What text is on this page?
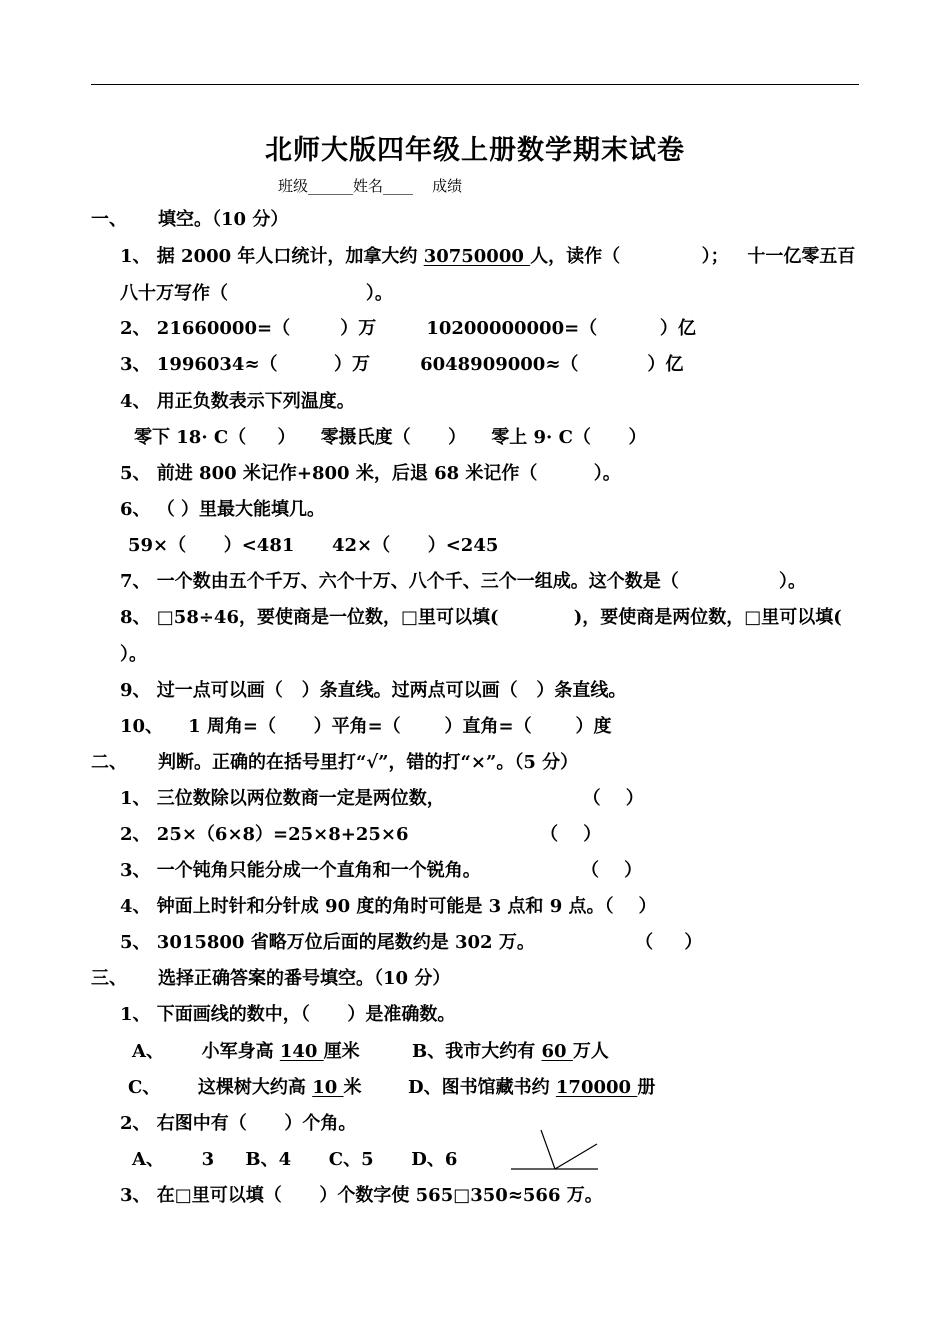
北师大版四年级上册数学期末试卷
班级______姓名____    成绩
一、 填空。（10 分）
1、 据 2000 年人口统计，加拿大约 30750000 人，读作（             ）；   十一亿零五百
八十万写作（                      ）。
2、 21660000=（        ）万        10200000000=（          ）亿
3、 1996034≈（         ）万        6048909000≈（           ）亿
4、 用正负数表示下列温度。
零下 18· C（     ）    零摄氏度（      ）    零上 9· C（      ）
5、 前进 800 米记作+800 米，后退 68 米记作（         ）。
6、 （ ）里最大能填几。
59×（      ）<481      42×（      ）<245
7、 一个数由五个千万、六个十万、八个千、三个一组成。这个数是（                ）。
8、 □58÷46，要使商是一位数，□里可以填(            )，要使商是两位数，□里可以填(
）。
9、 过一点可以画（   ）条直线。过两点可以画（   ）条直线。
10、    1 周角=（      ）平角=（       ）直角=（       ）度
二、 判断。正确的在括号里打“√”，错的打“×”。（5 分）
1、 三位数除以两位数商一定是两位数，                      （    ）
2、 25×（6×8）=25×8+25×6                     （    ）
3、 一个钝角只能分成一个直角和一个锐角。                （    ）
4、 钟面上时针和分针成 90 度的角时可能是 3 点和 9 点。（    ）
5、 3015800 省略万位后面的尾数约是 302 万。                （     ）
三、 选择正确答案的番号填空。（10 分）
1、 下面画线的数中，（      ）是准确数。
A、      小军身高 140 厘米	B、我市大约有 60 万人
C、      这棵树大约高 10 米	D、图书馆藏书约 170000 册
2、 右图中有（      ）个角。
A、      3     B、4      C、5      D、6
3、 在□里可以填（      ）个数字使 565□350≈566 万。
